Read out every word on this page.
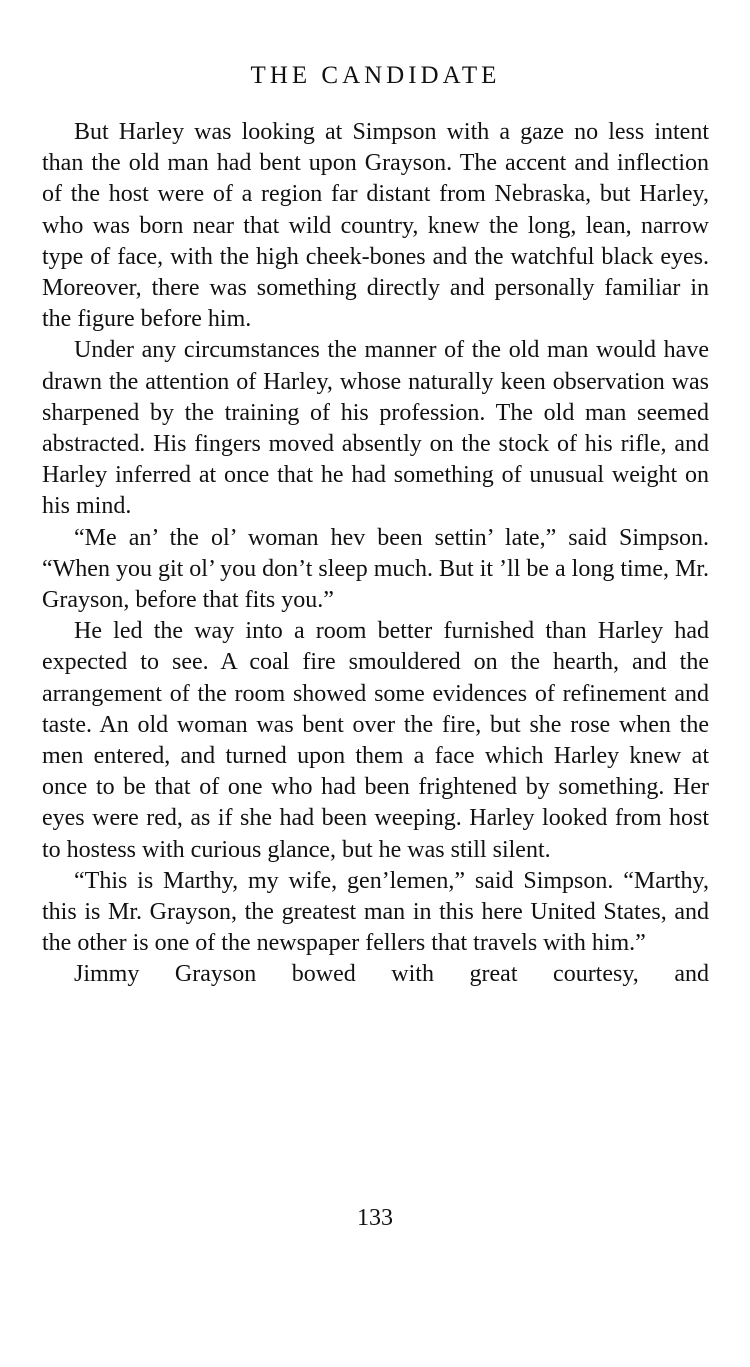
THE CANDIDATE

But Harley was looking at Simpson with a gaze no less intent than the old man had bent upon Grayson. The accent and inflection of the host were of a region far distant from Nebraska, but Harley, who was born near that wild country, knew the long, lean, narrow type of face, with the high cheek-bones and the watchful black eyes. Moreover, there was something directly and personally familiar in the figure before him.

Under any circumstances the manner of the old man would have drawn the attention of Harley, whose naturally keen observation was sharpened by the training of his profession. The old man seemed abstracted. His fingers moved absently on the stock of his rifle, and Harley inferred at once that he had something of unusual weight on his mind.

“Me an’ the ol’ woman hev been settin’ late,” said Simpson. “When you git ol’ you don’t sleep much. But it ’ll be a long time, Mr. Grayson, before that fits you.”

He led the way into a room better furnished than Harley had expected to see. A coal fire smouldered on the hearth, and the arrangement of the room showed some evidences of refinement and taste. An old woman was bent over the fire, but she rose when the men entered, and turned upon them a face which Harley knew at once to be that of one who had been frightened by something. Her eyes were red, as if she had been weeping. Harley looked from host to hostess with curious glance, but he was still silent.

“This is Marthy, my wife, gen’lemen,” said Simpson. “Marthy, this is Mr. Grayson, the greatest man in this here United States, and the other is one of the newspaper fellers that travels with him.”

Jimmy Grayson bowed with great courtesy, and

133
